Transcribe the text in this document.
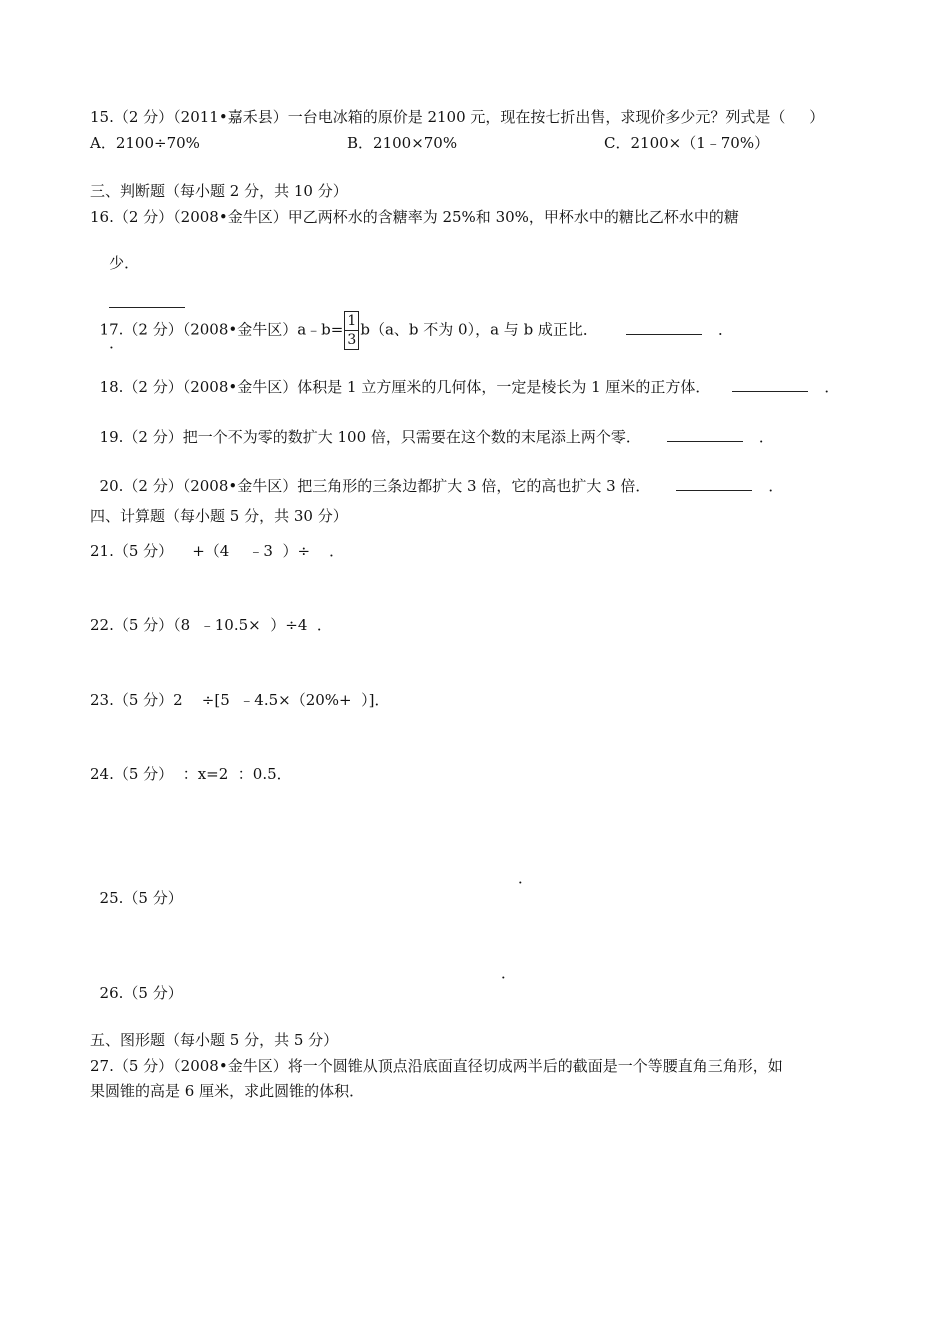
15.（2 分）（2011•嘉禾县）一台电冰箱的原价是 2100 元，现在按七折出售，求现价多少元？列式是（     ）
A．2100÷70%	B．2100×70%	C．2100×（1﹣70%）
三、判断题（每小题 2 分，共 10 分）
16.（2 分）（2008•金牛区）甲乙两杯水的含糖率为 25%和 30%，甲杯水中的糖比乙杯水中的糖

少．

．

17.（2 分）（2008•金牛区）a﹣b= $\frac{1}{3} b(a$、b 不为 0），a 与 b 成正比．	．

18.（2 分）（2008•金牛区）体积是 1 立方厘米的几何体，一定是棱长为 1 厘米的正方体．	．

19.（2 分）把一个不为零的数扩大 100 倍，只需要在这个数的末尾添上两个零．	．

20.（2 分）（2008•金牛区）把三角形的三条边都扩大 3 倍，它的高也扩大 3 倍．	．

四、计算题（每小题 5 分，共 30 分）
21.（5 分）    +（4    ﹣3  ）÷    ．
22.（5 分）（8  ﹣10.5×  ）÷4  ．
23.（5 分）2    ÷[5  ﹣4.5×（20%+  ）]．
24.（5 分）  ：x=2  ：0.5．

25.（5 分）

．

26.（5 分）

．
五、图形题（每小题 5 分，共 5 分）
27.（5 分）（2008•金牛区）将一个圆锥从顶点沿底面直径切成两半后的截面是一个等腰直角三角形，如
果圆锥的高是 6 厘米，求此圆锥的体积．
